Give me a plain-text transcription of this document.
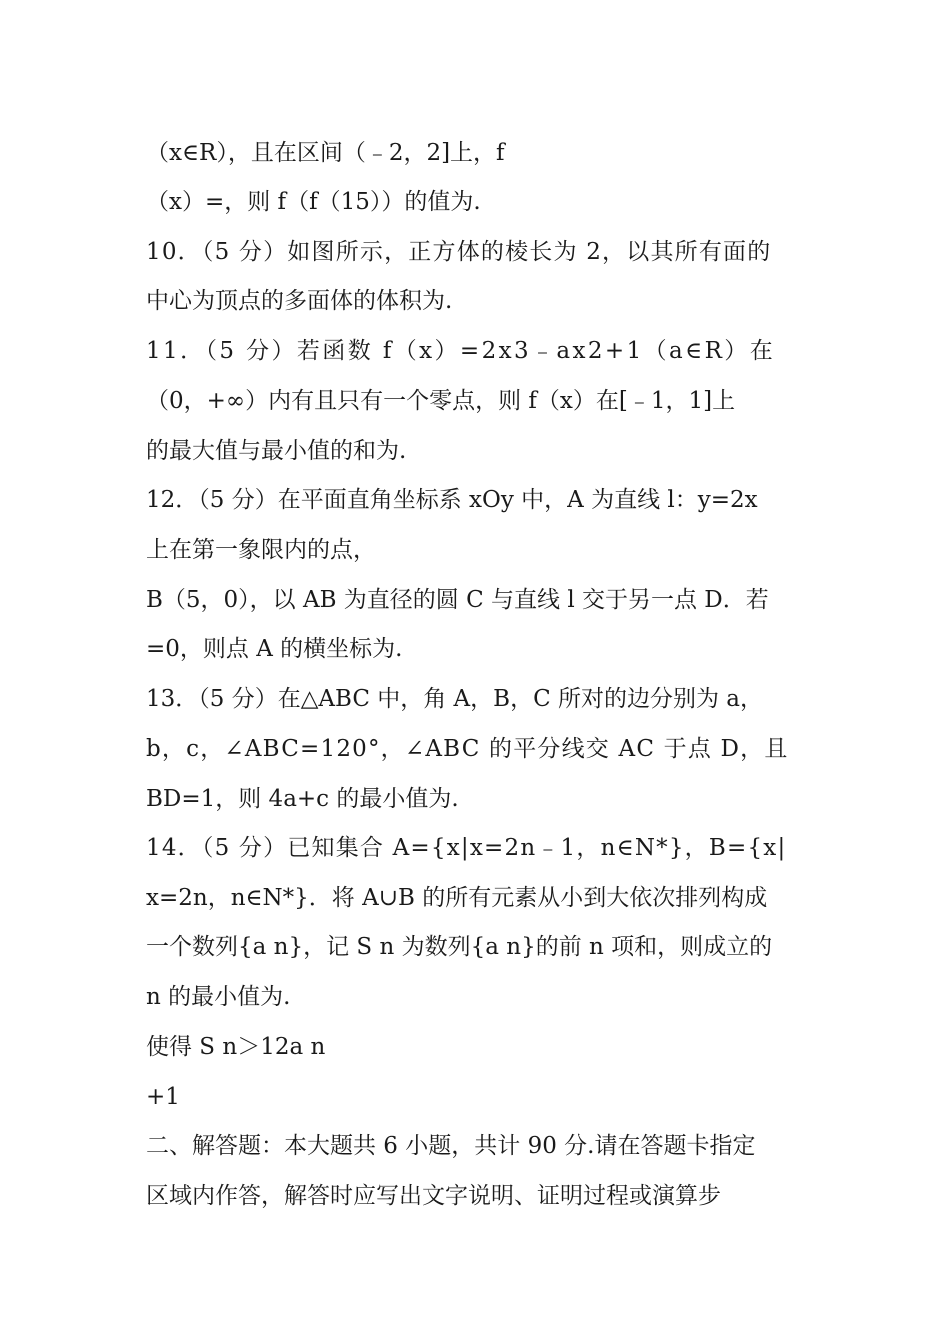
（x∈R），且在区间（﹣2，2]上，f
（x）=，则 f（f（15））的值为.
10．（5 分）如图所示，正方体的棱长为 2，以其所有面的
中心为顶点的多面体的体积为.
11．（5 分）若函数 f（x）=2x3﹣ax2+1（a∈R）在
（0，+∞）内有且只有一个零点，则 f（x）在[﹣1，1]上
的最大值与最小值的和为.
12．（5 分）在平面直角坐标系 xOy 中，A 为直线 l：y=2x
上在第一象限内的点，
B（5，0），以 AB 为直径的圆 C 与直线 l 交于另一点 D．若
=0，则点 A 的横坐标为.
13．（5 分）在△ABC 中，角 A，B，C 所对的边分别为 a，
b，c，∠ABC=120°，∠ABC 的平分线交 AC 于点 D，且
BD=1，则 4a+c 的最小值为.
14．（5 分）已知集合 A={x|x=2n﹣1，n∈N*}，B={x|
x=2n，n∈N*}．将 A∪B 的所有元素从小到大依次排列构成
一个数列{a n}，记 S n 为数列{a n}的前 n 项和，则成立的
n 的最小值为.
使得 S n＞12a n
+1
二、解答题：本大题共 6 小题，共计 90 分.请在答题卡指定
区域内作答，解答时应写出文字说明、证明过程或演算步
